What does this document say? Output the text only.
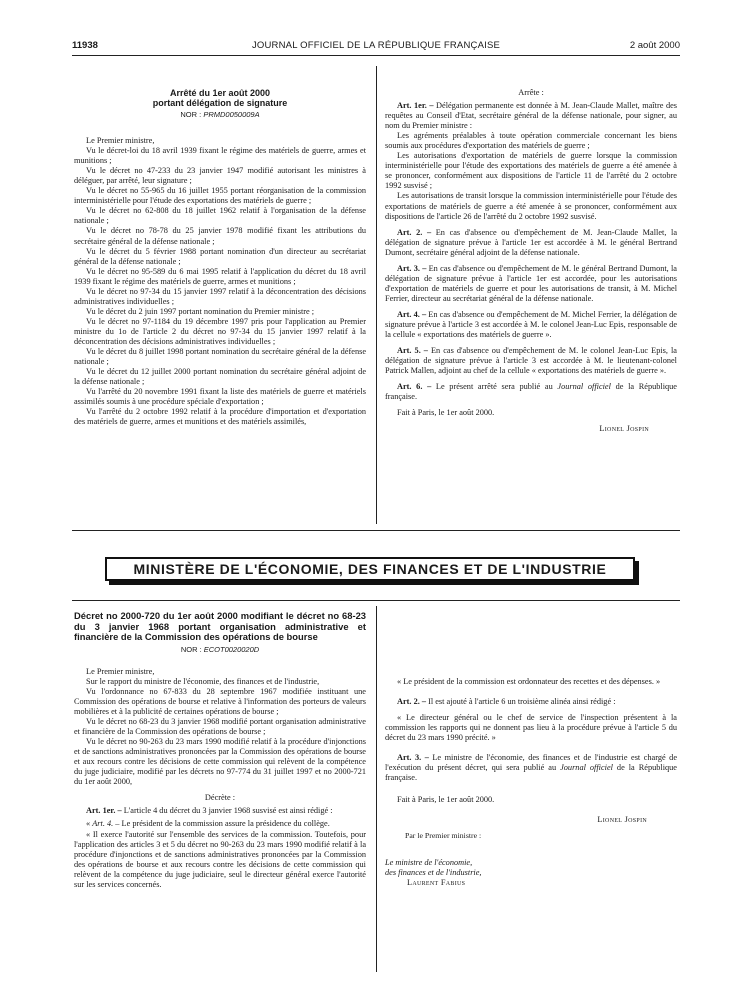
11938	JOURNAL OFFICIEL DE LA RÉPUBLIQUE FRANÇAISE	2 août 2000

Arrêté du 1er août 2000

portant délégation de signature

NOR : PRMD0050009A

Le Premier ministre,

Vu le décret-loi du 18 avril 1939 fixant le régime des matériels de guerre, armes et munitions ;

Vu le décret no 47-233 du 23 janvier 1947 modifié autorisant les ministres à déléguer, par arrêté, leur signature ;

Vu le décret no 55-965 du 16 juillet 1955 portant réorganisation de la commission interministérielle pour l'étude des exportations des matériels de guerre ;

Vu le décret no 62-808 du 18 juillet 1962 relatif à l'organisation de la défense nationale ;

Vu le décret no 78-78 du 25 janvier 1978 modifié fixant les attributions du secrétaire général de la défense nationale ;

Vu le décret du 5 février 1988 portant nomination d'un directeur au secrétariat général de la défense nationale ;

Vu le décret no 95-589 du 6 mai 1995 relatif à l'application du décret du 18 avril 1939 fixant le régime des matériels de guerre, armes et munitions ;

Vu le décret no 97-34 du 15 janvier 1997 relatif à la déconcentration des décisions administratives individuelles ;

Vu le décret du 2 juin 1997 portant nomination du Premier ministre ;

Vu le décret no 97-1184 du 19 décembre 1997 pris pour l'application au Premier ministre du 1o de l'article 2 du décret no 97-34 du 15 janvier 1997 relatif à la déconcentration des décisions administratives individuelles ;

Vu le décret du 8 juillet 1998 portant nomination du secrétaire général de la défense nationale ;

Vu le décret du 12 juillet 2000 portant nomination du secrétaire général adjoint de la défense nationale ;

Vu l'arrêté du 20 novembre 1991 fixant la liste des matériels de guerre et matériels assimilés soumis à une procédure spéciale d'exportation ;

Vu l'arrêté du 2 octobre 1992 relatif à la procédure d'importation et d'exportation des matériels de guerre, armes et munitions et des matériels assimilés,

Arrête :

Art. 1er. – Délégation permanente est donnée à M. Jean-Claude Mallet, maître des requêtes au Conseil d'Etat, secrétaire général de la défense nationale, pour signer, au nom du Premier ministre :

Les agréments préalables à toute opération commerciale concernant les biens soumis aux procédures d'exportation des matériels de guerre ;

Les autorisations d'exportation de matériels de guerre lorsque la commission interministérielle pour l'étude des exportations des matériels de guerre a été amenée à se prononcer, conformément aux dispositions de l'article 11 de l'arrêté du 2 octobre 1992 susvisé ;

Les autorisations de transit lorsque la commission interministérielle pour l'étude des exportations de matériels de guerre a été amenée à se prononcer, conformément aux dispositions de l'article 26 de l'arrêté du 2 octobre 1992 susvisé.

Art. 2. – En cas d'absence ou d'empêchement de M. Jean-Claude Mallet, la délégation de signature prévue à l'article 1er est accordée à M. le général Bertrand Dumont, secrétaire général adjoint de la défense nationale.

Art. 3. – En cas d'absence ou d'empêchement de M. le général Bertrand Dumont, la délégation de signature prévue à l'article 1er est accordée, pour les autorisations d'exportation de matériels de guerre et pour les autorisations de transit, à M. Michel Ferrier, directeur au secrétariat général de la défense nationale.

Art. 4. – En cas d'absence ou d'empêchement de M. Michel Ferrier, la délégation de signature prévue à l'article 3 est accordée à M. le colonel Jean-Luc Epis, responsable de la cellule « exportations des matériels de guerre ».

Art. 5. – En cas d'absence ou d'empêchement de M. le colonel Jean-Luc Epis, la délégation de signature prévue à l'article 3 est accordée à M. le lieutenant-colonel Patrick Mallen, adjoint au chef de la cellule « exportations des matériels de guerre ».

Art. 6. – Le présent arrêté sera publié au Journal officiel de la République française.

Fait à Paris, le 1er août 2000.

Lionel Jospin

MINISTÈRE DE L'ÉCONOMIE, DES FINANCES ET DE L'INDUSTRIE

Décret no 2000-720 du 1er août 2000 modifiant le décret no 68-23 du 3 janvier 1968 portant organisation administrative et financière de la Commission des opérations de bourse

NOR : ECOT0020020D

Le Premier ministre,

Sur le rapport du ministre de l'économie, des finances et de l'industrie,

Vu l'ordonnance no 67-833 du 28 septembre 1967 modifiée instituant une Commission des opérations de bourse et relative à l'information des porteurs de valeurs mobilières et à la publicité de certaines opérations de bourse ;

Vu le décret no 68-23 du 3 janvier 1968 modifié portant organisation administrative et financière de la Commission des opérations de bourse ;

Vu le décret no 90-263 du 23 mars 1990 modifié relatif à la procédure d'injonctions et de sanctions administratives prononcées par la Commission des opérations de bourse et aux recours contre les décisions de cette commission qui relèvent de la compétence du juge judiciaire, modifié par les décrets no 97-774 du 31 juillet 1997 et no 2000-721 du 1er août 2000,

Décrète :

Art. 1er. – L'article 4 du décret du 3 janvier 1968 susvisé est ainsi rédigé :

« Art. 4. – Le président de la commission assure la présidence du collège.

« Il exerce l'autorité sur l'ensemble des services de la commission. Toutefois, pour l'application des articles 3 et 5 du décret no 90-263 du 23 mars 1990 modifié relatif à la procédure d'injonctions et de sanctions administratives prononcées par la Commission des opérations de bourse et aux recours contre les décisions de cette commission qui relèvent de la compétence du juge judiciaire, seul le directeur général exerce l'autorité sur les services concernés.

« Le président de la commission est ordonnateur des recettes et des dépenses. »

Art. 2. – Il est ajouté à l'article 6 un troisième alinéa ainsi rédigé :

« Le directeur général ou le chef de service de l'inspection présentent à la commission les rapports qui ne donnent pas lieu à la procédure prévue à l'article 5 du décret du 23 mars 1990 précité. »

Art. 3. – Le ministre de l'économie, des finances et de l'industrie est chargé de l'exécution du présent décret, qui sera publié au Journal officiel de la République française.

Fait à Paris, le 1er août 2000.

Lionel Jospin

Par le Premier ministre :

Le ministre de l'économie,

des finances et de l'industrie,

Laurent Fabius
